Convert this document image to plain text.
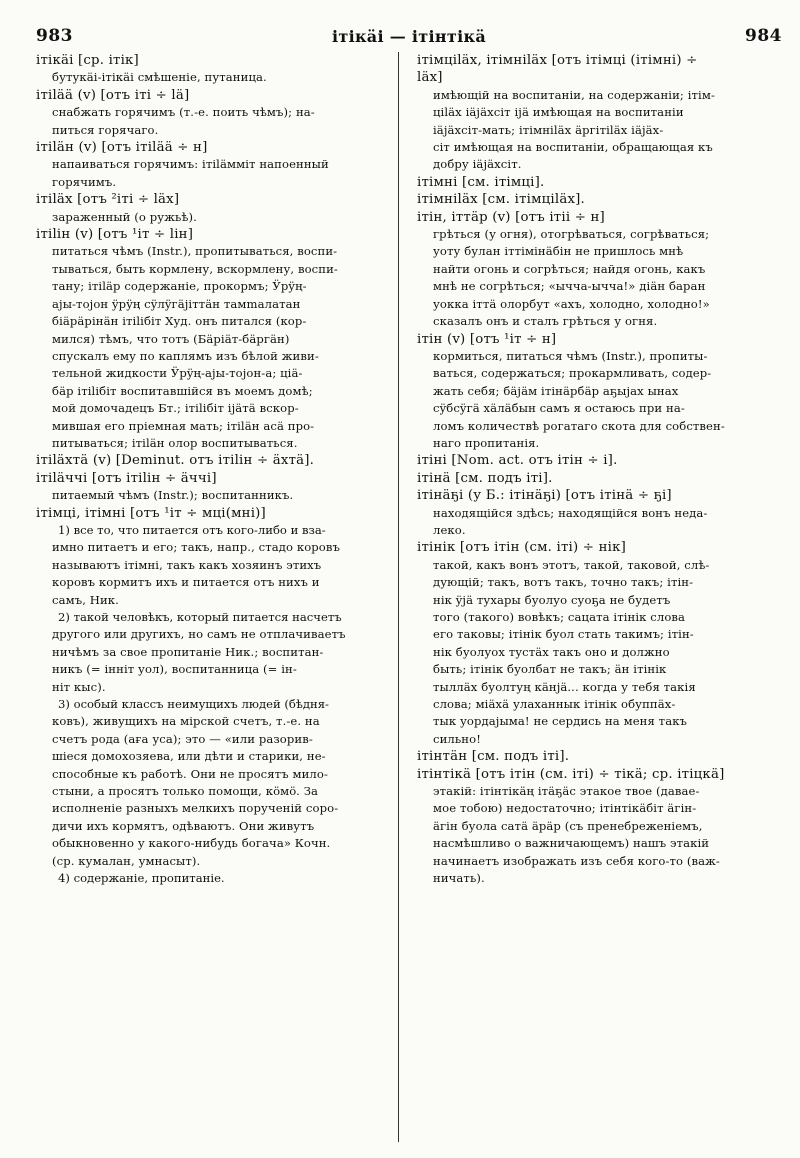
983	ітікäі — ітінтікä	984
ітікäі [ср. ітік]
бутукäі-ітікäі смѣшеніе, путаница.
ітіlää (v) [отъ іті ÷ lä]
снабжать горячимъ (т.-е. поить чѣмъ); на-
питься горячаго.
ітіläн (v) [отъ ітilää ÷ н]
напаиваться горячимъ: ітiläммiт напоенный
горячимъ.
ітiläx [отъ ²іті ÷ läх]
зараженный (о ружьѣ).
ітiliн (v) [отъ ¹іт ÷ liн]
питаться чѣмъ (Instr.), пропитываться, воспи-
тываться, быть кормлену, вскормлену, воспи-
тану; ітiläр содержаніе, прокормъ; Ӱрÿң-
аjы-тоjон ÿрÿң сÿлÿгäjiттäн тамmалатан
біäрäрiнäн ітiliбiт Худ. онъ питался (кор-
мился) тѣмъ, что тотъ (Бäрiäт-бäргäн)
спускалъ ему по каплямъ изъ бѣлой живи-
тельной жидкости Ӱрÿң-аjы-тоjон-а; ціä-
бäр ітiliбiт воспитавшійся въ моемъ домѣ;
мой домочадецъ Бт.; ітiliбiт іjäтä вскор-
мившая его пріемная мать; ітiläн асä про-
питываться; ітiläн олор воспитываться.
ітiläxтä (v) [Deminut. отъ ітiliн ÷ äхтä].
ітiläччi [отъ ітiliн ÷ äччi]
питаемый чѣмъ (Instr.); воспитанникъ.
ітімці, ітімні [отъ ¹іт ÷ мці(мні)]
1) все то, что питается отъ кого-либо и вза-
имно питаетъ и его; такъ, напр., стадо коровъ
называютъ ітімні, такъ какъ хозяинъ этихъ
коровъ кормитъ ихъ и питается отъ нихъ и
самъ, Ник.
2) такой человѣкъ, который питается насчетъ
другого или другихъ, но самъ не отплачиваетъ
ничѣмъ за свое пропитаніе Ник.; воспитан-
никъ (= інніт уол), воспитанница (= ін-
ніт кыс).
3) особый классъ неимущихъ людей (бѣдня-
ковъ), живущихъ на мірской счетъ, т.-е. на
счетъ рода (аға уса); это — «или разорив-
шіеся домохозяева, или дѣти и старики, не-
способные къ работѣ. Они не просятъ мило-
стыни, а просятъ только помощи, кöмö. За
исполненіе разныхъ мелкихъ порученій соро-
дичи ихъ кормятъ, одѣваютъ. Они живутъ
обыкновенно у какого-нибудь богача» Кочн.
(ср. кумалан, умнасыт).
4) содержаніе, пропитаніе.
ітімціläx, ітімніläx [отъ ітімці (ітімні) ÷
läx]
имѣющій на воспитаніи, на содержаніи; ітім-
ціläх іäjäхсiт іjä имѣющая на воспитаніи
іäjäхсiт-мать; ітімніläх äргiтiläх іäjäх-
сiт имѣющая на воспитаніи, обращающая къ
добру іäjäхсiт.
ітімні [см. ітімці].
ітімніläx [см. ітімціläх].
ітін, іттäр (v) [отъ ітii ÷ н]
грѣться (у огня), отогрѣваться, согрѣваться;
уоту булан іттімінäбiн не пришлось мнѣ
найти огонь и согрѣться; найдя огонь, какъ
мнѣ не согрѣться; «ычча-ычча!» діäн баран
уокка іттä олорбут «ахъ, холодно, холодно!»
сказалъ онъ и сталъ грѣться у огня.
ітін (v) [отъ ¹іт ÷ н]
кормиться, питаться чѣмъ (Instr.), пропиты-
ваться, содержаться; прокармливать, содер-
жать себя; бäjäм ітінäрбäр аҕыjах ынах
сÿбсÿгä хäлäбын самъ я остаюсь при на-
ломъ количествѣ рогатаго скота для собствен-
наго пропитанія.
ітінi [Nom. act. отъ ітін ÷ і].
ітінä [см. подъ іті].
ітінäҕі (у Б.: ітінäҕі) [отъ ітінä ÷ ҕі]
находящійся здѣсь; находящійся вонъ неда-
леко.
ітінік [отъ ітін (см. іті) ÷ нік]
такой, какъ вонъ этотъ, такой, таковой, слѣ-
дующій; такъ, вотъ такъ, точно такъ; ітін-
нік ÿjä тухары буолуо суоҕа не будетъ
того (такого) вовѣкъ; сацата ітінік слова
его таковы; ітінік буол стать такимъ; ітін-
нік буолуох тустäх такъ оно и должно
быть; ітінік буолбат не такъ; äн ітінік
тыллäх буолтуң кäнjä... когда у тебя такія
слова; міäхä улаханнык ітінік обуппäх-
тык уордаjыма! не сердись на меня такъ
сильно!
ітінтäн [см. подъ іті].
ітінтікä [отъ ітін (см. іті) ÷ тікä; ср. ітіцкä]
этакій: ітінтікäң ітäҕäс этакое твое (давае-
мое тобою) недостаточно; ітінтікäбiт äгiн-
äгiн буола сатä äрäр (съ пренебреженіемъ,
насмѣшливо о важничающемъ) нашъ этакій
начинаетъ изображать изъ себя кого-то (важ-
ничать).
